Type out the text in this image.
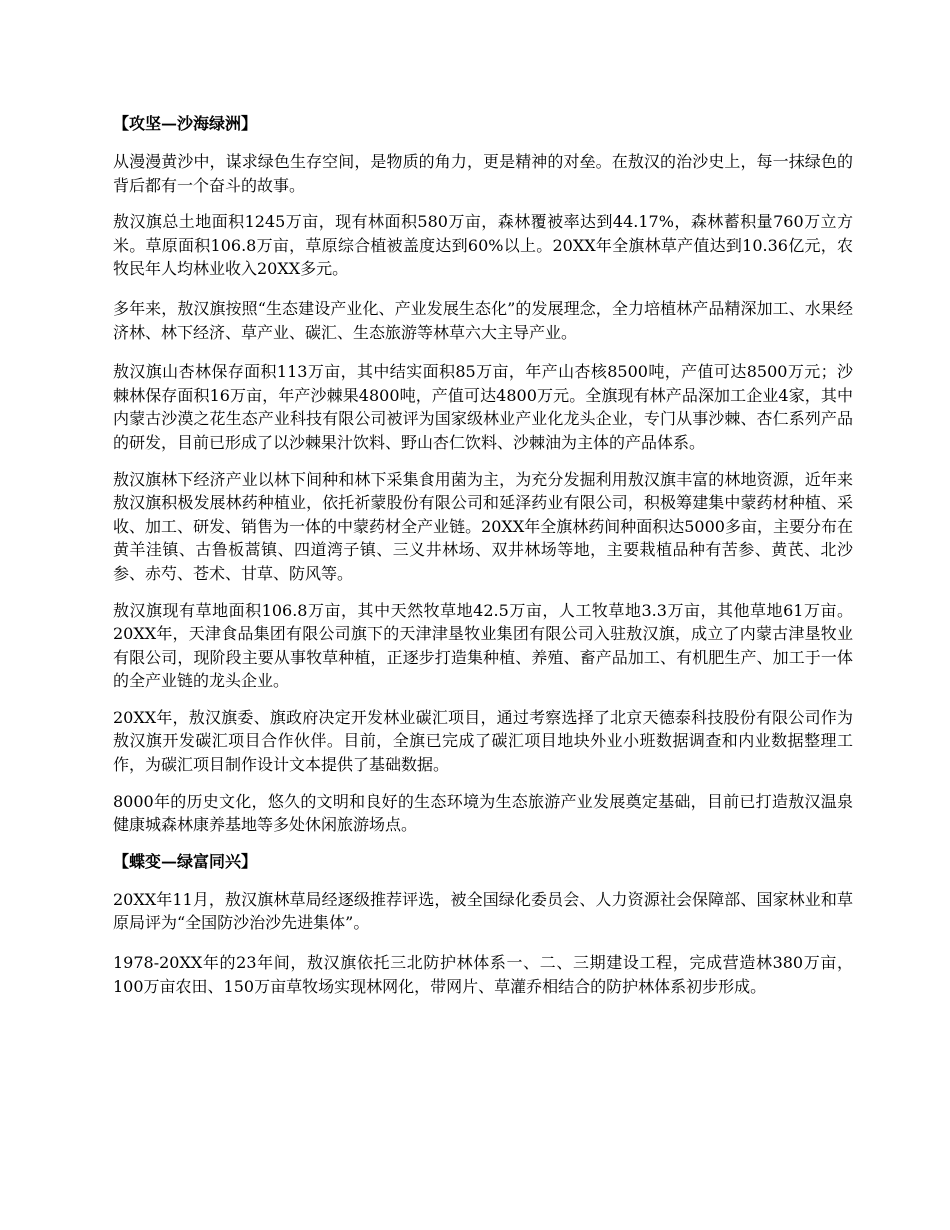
【攻坚—沙海绿洲】

从漫漫黄沙中，谋求绿色生存空间，是物质的角力，更是精神的对垒。在敖汉的治沙史上，每一抹绿色的背后都有一个奋斗的故事。

敖汉旗总土地面积1245万亩，现有林面积580万亩，森林覆被率达到44.17%，森林蓄积量760万立方米。草原面积106.8万亩，草原综合植被盖度达到60%以上。20XX年全旗林草产值达到10.36亿元，农牧民年人均林业收入20XX多元。

多年来，敖汉旗按照“生态建设产业化、产业发展生态化”的发展理念，全力培植林产品精深加工、水果经济林、林下经济、草产业、碳汇、生态旅游等林草六大主导产业。

敖汉旗山杏林保存面积113万亩，其中结实面积85万亩，年产山杏核8500吨，产值可达8500万元；沙棘林保存面积16万亩，年产沙棘果4800吨，产值可达4800万元。全旗现有林产品深加工企业4家，其中内蒙古沙漠之花生态产业科技有限公司被评为国家级林业产业化龙头企业，专门从事沙棘、杏仁系列产品的研发，目前已形成了以沙棘果汁饮料、野山杏仁饮料、沙棘油为主体的产品体系。

敖汉旗林下经济产业以林下间种和林下采集食用菌为主，为充分发掘利用敖汉旗丰富的林地资源，近年来敖汉旗积极发展林药种植业，依托祈蒙股份有限公司和延泽药业有限公司，积极筹建集中蒙药材种植、采收、加工、研发、销售为一体的中蒙药材全产业链。20XX年全旗林药间种面积达5000多亩，主要分布在黄羊洼镇、古鲁板蒿镇、四道湾子镇、三义井林场、双井林场等地，主要栽植品种有苦参、黄芪、北沙参、赤芍、苍术、甘草、防风等。

敖汉旗现有草地面积106.8万亩，其中天然牧草地42.5万亩，人工牧草地3.3万亩，其他草地61万亩。20XX年，天津食品集团有限公司旗下的天津津垦牧业集团有限公司入驻敖汉旗，成立了内蒙古津垦牧业有限公司，现阶段主要从事牧草种植，正逐步打造集种植、养殖、畜产品加工、有机肥生产、加工于一体的全产业链的龙头企业。

20XX年，敖汉旗委、旗政府决定开发林业碳汇项目，通过考察选择了北京天德泰科技股份有限公司作为敖汉旗开发碳汇项目合作伙伴。目前，全旗已完成了碳汇项目地块外业小班数据调查和内业数据整理工作，为碳汇项目制作设计文本提供了基础数据。

8000年的历史文化，悠久的文明和良好的生态环境为生态旅游产业发展奠定基础，目前已打造敖汉温泉健康城森林康养基地等多处休闲旅游场点。

【蝶变—绿富同兴】

20XX年11月，敖汉旗林草局经逐级推荐评选，被全国绿化委员会、人力资源社会保障部、国家林业和草原局评为“全国防沙治沙先进集体”。

1978-20XX年的23年间，敖汉旗依托三北防护林体系一、二、三期建设工程，完成营造林380万亩，100万亩农田、150万亩草牧场实现林网化，带网片、草灌乔相结合的防护林体系初步形成。
